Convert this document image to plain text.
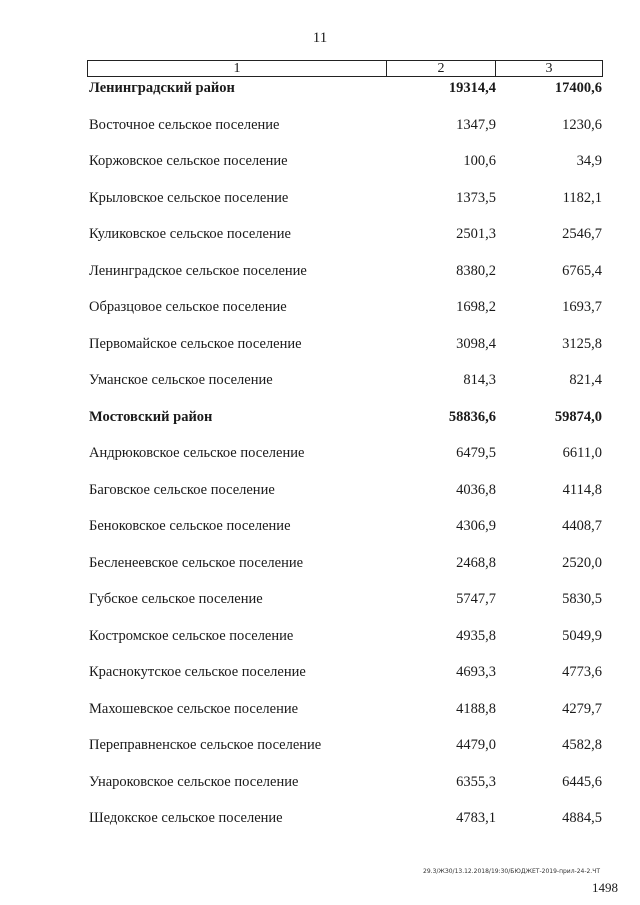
11
1	2	3
Ленинградский район	19314,4	17400,6
Восточное сельское поселение	1347,9	1230,6
Коржовское сельское поселение	100,6	34,9
Крыловское сельское поселение	1373,5	1182,1
Куликовское сельское поселение	2501,3	2546,7
Ленинградское сельское поселение	8380,2	6765,4
Образцовое сельское поселение	1698,2	1693,7
Первомайское сельское поселение	3098,4	3125,8
Уманское сельское поселение	814,3	821,4
Мостовский район	58836,6	59874,0
Андрюковское сельское поселение	6479,5	6611,0
Баговское сельское поселение	4036,8	4114,8
Беноковское сельское поселение	4306,9	4408,7
Бесленеевское сельское поселение	2468,8	2520,0
Губское сельское поселение	5747,7	5830,5
Костромское сельское поселение	4935,8	5049,9
Краснокутское сельское поселение	4693,3	4773,6
Махошевское сельское поселение	4188,8	4279,7
Переправненское сельское поселение	4479,0	4582,8
Унароковское сельское поселение	6355,3	6445,6
Шедокское сельское поселение	4783,1	4884,5
29.3/ЖЗ0/13.12.2018/19:30/БЮДЖЕТ-2019-прил-24-2.ЧТ
1498
